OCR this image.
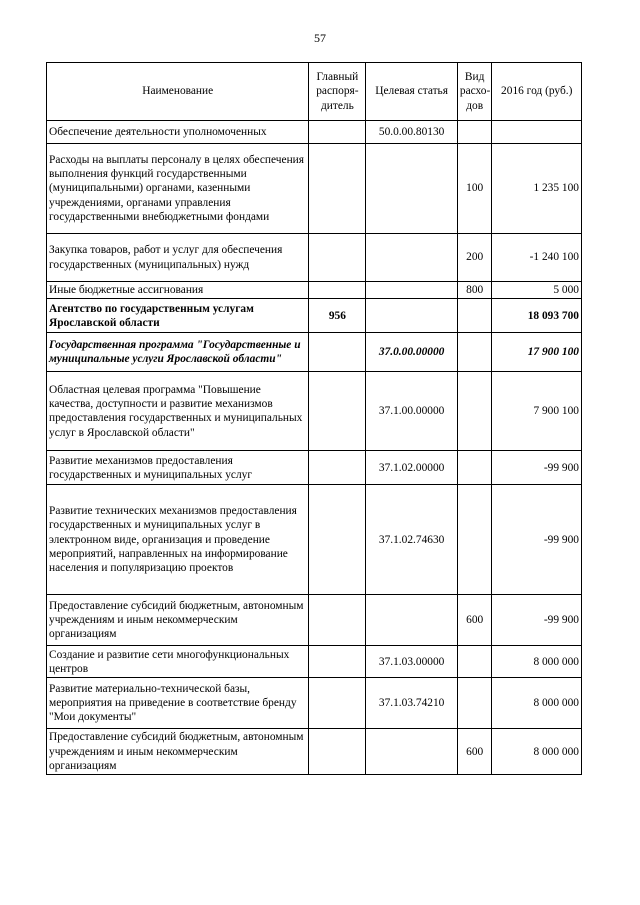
57
Наименование	Главный распоря-дитель	Целевая статья	Вид расхо-дов	2016 год (руб.)
Обеспечение деятельности уполномоченных		50.0.00.80130		
Расходы на выплаты персоналу в целях обеспечения выполнения функций государственными (муниципальными) органами, казенными учреждениями, органами управления государственными внебюджетными фондами			100	1 235 100
Закупка товаров, работ и услуг для обеспечения государственных (муниципальных) нужд			200	-1 240 100
Иные бюджетные ассигнования			800	5 000
Агентство по государственным услугам Ярославской области	956			18 093 700
Государственная программа "Государственные и муниципальные услуги Ярославской области"		37.0.00.00000		17 900 100
Областная целевая программа "Повышение качества, доступности и развитие механизмов предоставления государственных и муниципальных услуг в Ярославской области"		37.1.00.00000		7 900 100
Развитие механизмов предоставления государственных и муниципальных услуг		37.1.02.00000		-99 900
Развитие технических механизмов предоставления государственных и муниципальных услуг в электронном виде, организация и проведение мероприятий, направленных на информирование населения и популяризацию проектов		37.1.02.74630		-99 900
Предоставление субсидий бюджетным, автономным учреждениям и иным некоммерческим организациям			600	-99 900
Создание и развитие сети многофункциональных центров		37.1.03.00000		8 000 000
Развитие материально-технической базы, мероприятия на приведение в соответствие бренду "Мои документы"		37.1.03.74210		8 000 000
Предоставление субсидий бюджетным, автономным учреждениям и иным некоммерческим организациям			600	8 000 000
